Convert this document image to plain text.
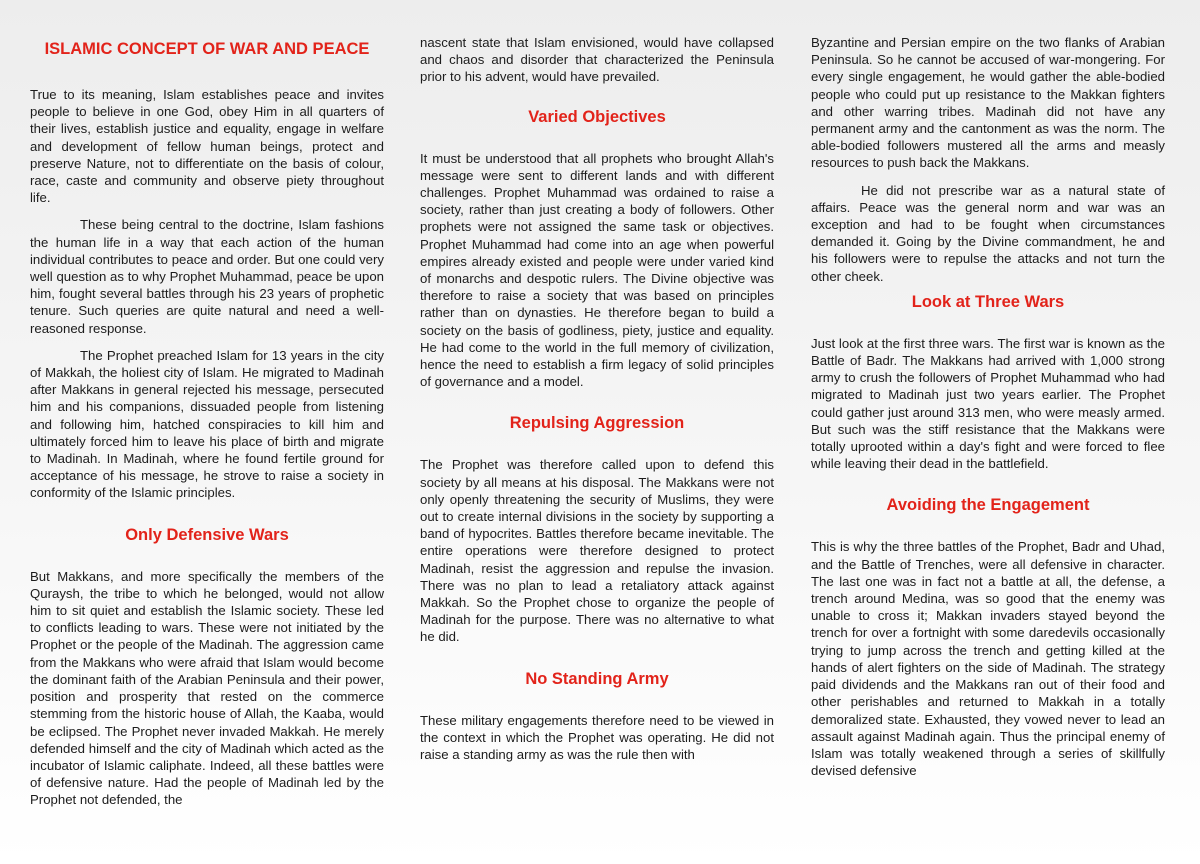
ISLAMIC CONCEPT OF WAR AND PEACE

True to its meaning, Islam establishes peace and invites people to believe in one God, obey Him in all quarters of their lives, establish justice and equality, engage in welfare and development of fellow human beings, protect and preserve Nature, not to differentiate on the basis of colour, race, caste and community and observe piety throughout life.

These being central to the doctrine, Islam fashions the human life in a way that each action of the human individual contributes to peace and order. But one could very well question as to why Prophet Muhammad, peace be upon him, fought several battles through his 23 years of prophetic tenure. Such queries are quite natural and need a well-reasoned response.

The Prophet preached Islam for 13 years in the city of Makkah, the holiest city of Islam. He migrated to Madinah after Makkans in general rejected his message, persecuted him and his companions, dissuaded people from listening and following him, hatched conspiracies to kill him and ultimately forced him to leave his place of birth and migrate to Madinah. In Madinah, where he found fertile ground for acceptance of his message, he strove to raise a society in conformity of the Islamic principles.

Only Defensive Wars

But Makkans, and more specifically the members of the Quraysh, the tribe to which he belonged, would not allow him to sit quiet and establish the Islamic society. These led to conflicts leading to wars. These were not initiated by the Prophet or the people of the Madinah. The aggression came from the Makkans who were afraid that Islam would become the dominant faith of the Arabian Peninsula and their power, position and prosperity that rested on the commerce stemming from the historic house of Allah, the Kaaba, would be eclipsed. The Prophet never invaded Makkah. He merely defended himself and the city of Madinah which acted as the incubator of Islamic caliphate. Indeed, all these battles were of defensive nature. Had the people of Madinah led by the Prophet not defended, the

nascent state that Islam envisioned, would have collapsed and chaos and disorder that characterized the Peninsula prior to his advent, would have prevailed.

Varied Objectives

It must be understood that all prophets who brought Allah's message were sent to different lands and with different challenges. Prophet Muhammad was ordained to raise a society, rather than just creating a body of followers. Other prophets were not assigned the same task or objectives. Prophet Muhammad had come into an age when powerful empires already existed and people were under varied kind of monarchs and despotic rulers. The Divine objective was therefore to raise a society that was based on principles rather than on dynasties. He therefore began to build a society on the basis of godliness, piety, justice and equality. He had come to the world in the full memory of civilization, hence the need to establish a firm legacy of solid principles of governance and a model.

Repulsing Aggression

The Prophet was therefore called upon to defend this society by all means at his disposal. The Makkans were not only openly threatening the security of Muslims, they were out to create internal divisions in the society by supporting a band of hypocrites. Battles therefore became inevitable. The entire operations were therefore designed to protect Madinah, resist the aggression and repulse the invasion. There was no plan to lead a retaliatory attack against Makkah. So the Prophet chose to organize the people of Madinah for the purpose. There was no alternative to what he did.

No Standing Army

These military engagements therefore need to be viewed in the context in which the Prophet was operating. He did not raise a standing army as was the rule then with

Byzantine and Persian empire on the two flanks of Arabian Peninsula. So he cannot be accused of war-mongering. For every single engagement, he would gather the able-bodied people who could put up resistance to the Makkan fighters and other warring tribes. Madinah did not have any permanent army and the cantonment as was the norm. The able-bodied followers mustered all the arms and measly resources to push back the Makkans.

He did not prescribe war as a natural state of affairs. Peace was the general norm and war was an exception and had to be fought when circumstances demanded it. Going by the Divine commandment, he and his followers were to repulse the attacks and not turn the other cheek.

Look at Three Wars

Just look at the first three wars. The first war is known as the Battle of Badr. The Makkans had arrived with 1,000 strong army to crush the followers of Prophet Muhammad who had migrated to Madinah just two years earlier. The Prophet could gather just around 313 men, who were measly armed. But such was the stiff resistance that the Makkans were totally uprooted within a day's fight and were forced to flee while leaving their dead in the battlefield.

Avoiding the Engagement

This is why the three battles of the Prophet, Badr and Uhad, and the Battle of Trenches, were all defensive in character. The last one was in fact not a battle at all, the defense, a trench around Medina, was so good that the enemy was unable to cross it; Makkan invaders stayed beyond the trench for over a fortnight with some daredevils occasionally trying to jump across the trench and getting killed at the hands of alert fighters on the side of Madinah. The strategy paid dividends and the Makkans ran out of their food and other perishables and returned to Makkah in a totally demoralized state. Exhausted, they vowed never to lead an assault against Madinah again. Thus the principal enemy of Islam was totally weakened through a series of skillfully devised defensive
